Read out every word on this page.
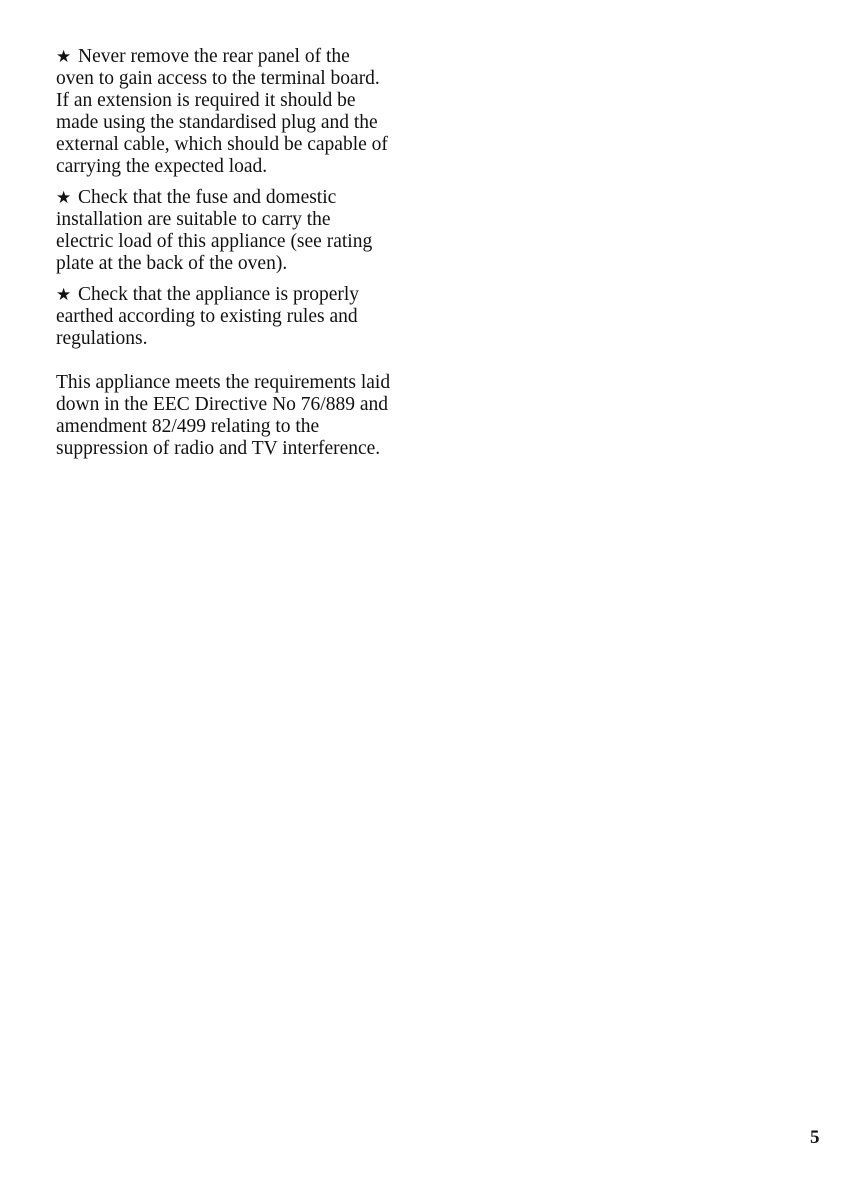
★ Never remove the rear panel of the
oven to gain access to the terminal board.
If an extension is required it should be
made using the standardised plug and the
external cable, which should be capable of
carrying the expected load.
★ Check that the fuse and domestic
installation are suitable to carry the
electric load of this appliance (see rating
plate at the back of the oven).
★ Check that the appliance is properly
earthed according to existing rules and
regulations.
This appliance meets the requirements laid
down in the EEC Directive No 76/889 and
amendment 82/499 relating to the
suppression of radio and TV interference.
5
